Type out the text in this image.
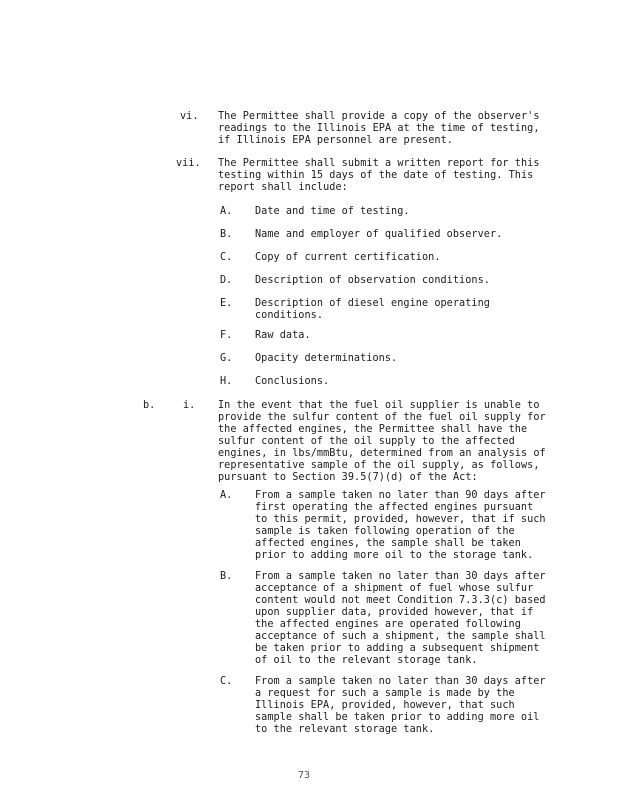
vi. The Permittee shall provide a copy of the observer's
readings to the Illinois EPA at the time of testing,
if Illinois EPA personnel are present.
vii. The Permittee shall submit a written report for this
testing within 15 days of the date of testing. This
report shall include:
A. Date and time of testing.
B. Name and employer of qualified observer.
C. Copy of current certification.
D. Description of observation conditions.
E. Description of diesel engine operating
conditions.
F. Raw data.
G. Opacity determinations.
H. Conclusions.
b.	i. In the event that the fuel oil supplier is unable to
provide the sulfur content of the fuel oil supply for
the affected engines, the Permittee shall have the
sulfur content of the oil supply to the affected
engines, in lbs/mmBtu, determined from an analysis of
representative sample of the oil supply, as follows,
pursuant to Section 39.5(7)(d) of the Act:
A. From a sample taken no later than 90 days after
first operating the affected engines pursuant
to this permit, provided, however, that if such
sample is taken following operation of the
affected engines, the sample shall be taken
prior to adding more oil to the storage tank.
B. From a sample taken no later than 30 days after
acceptance of a shipment of fuel whose sulfur
content would not meet Condition 7.3.3(c) based
upon supplier data, provided however, that if
the affected engines are operated following
acceptance of such a shipment, the sample shall
be taken prior to adding a subsequent shipment
of oil to the relevant storage tank.
C. From a sample taken no later than 30 days after
a request for such a sample is made by the
Illinois EPA, provided, however, that such
sample shall be taken prior to adding more oil
to the relevant storage tank.
73
